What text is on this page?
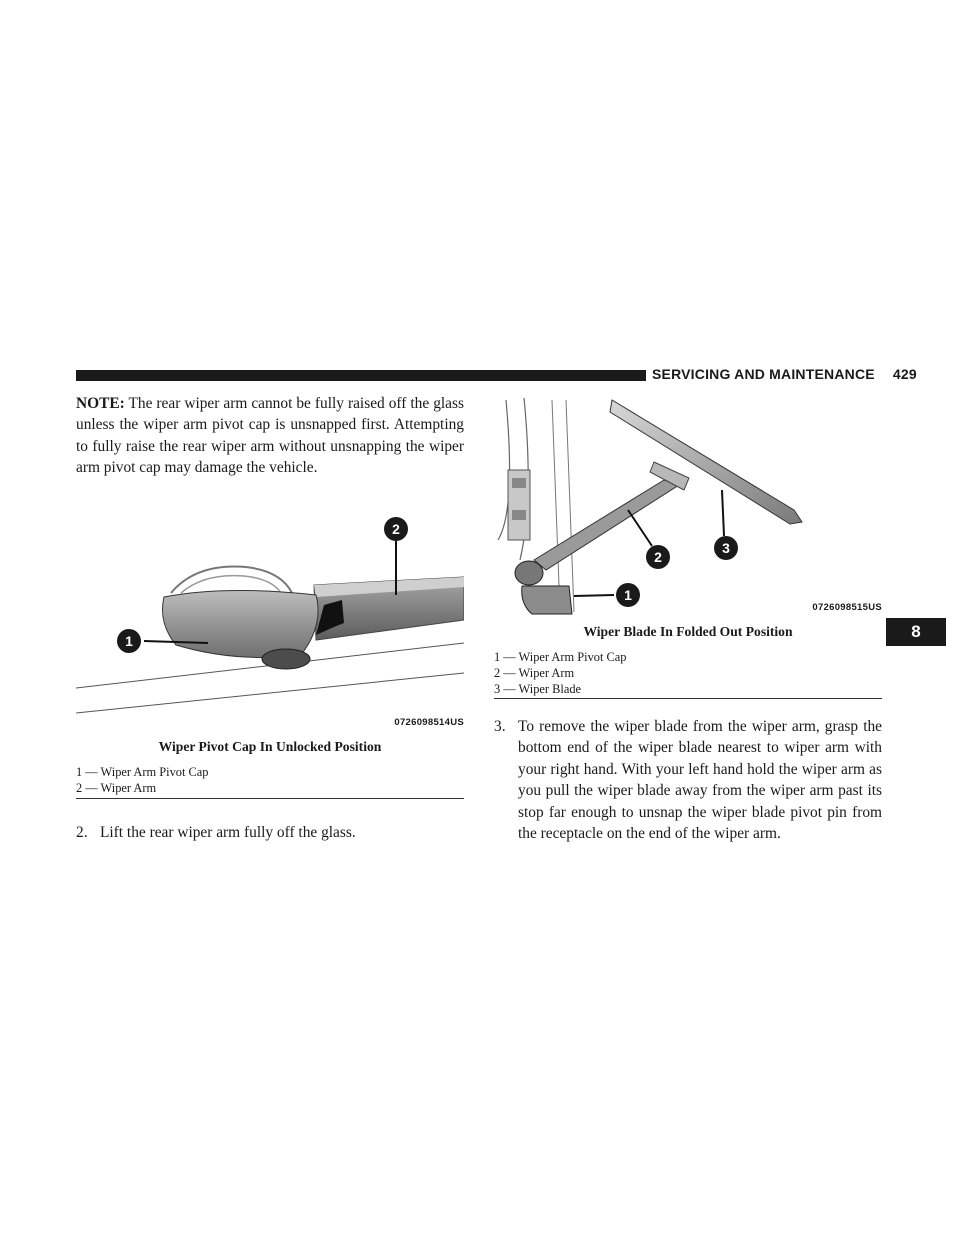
SERVICING AND MAINTENANCE 429
8

NOTE: The rear wiper arm cannot be fully raised off the glass unless the wiper arm pivot cap is unsnapped first. Attempting to fully raise the rear wiper arm without unsnapping the wiper arm pivot cap may damage the vehicle.

1
2
0726098514US
Wiper Pivot Cap In Unlocked Position
1 — Wiper Arm Pivot Cap
2 — Wiper Arm
2. Lift the rear wiper arm fully off the glass.
1
2
3
0726098515US
Wiper Blade In Folded Out Position
1 — Wiper Arm Pivot Cap
2 — Wiper Arm
3 — Wiper Blade
3. To remove the wiper blade from the wiper arm, grasp the bottom end of the wiper blade nearest to wiper arm with your right hand. With your left hand hold the wiper arm as you pull the wiper blade away from the wiper arm past its stop far enough to unsnap the wiper blade pivot pin from the receptacle on the end of the wiper arm.
